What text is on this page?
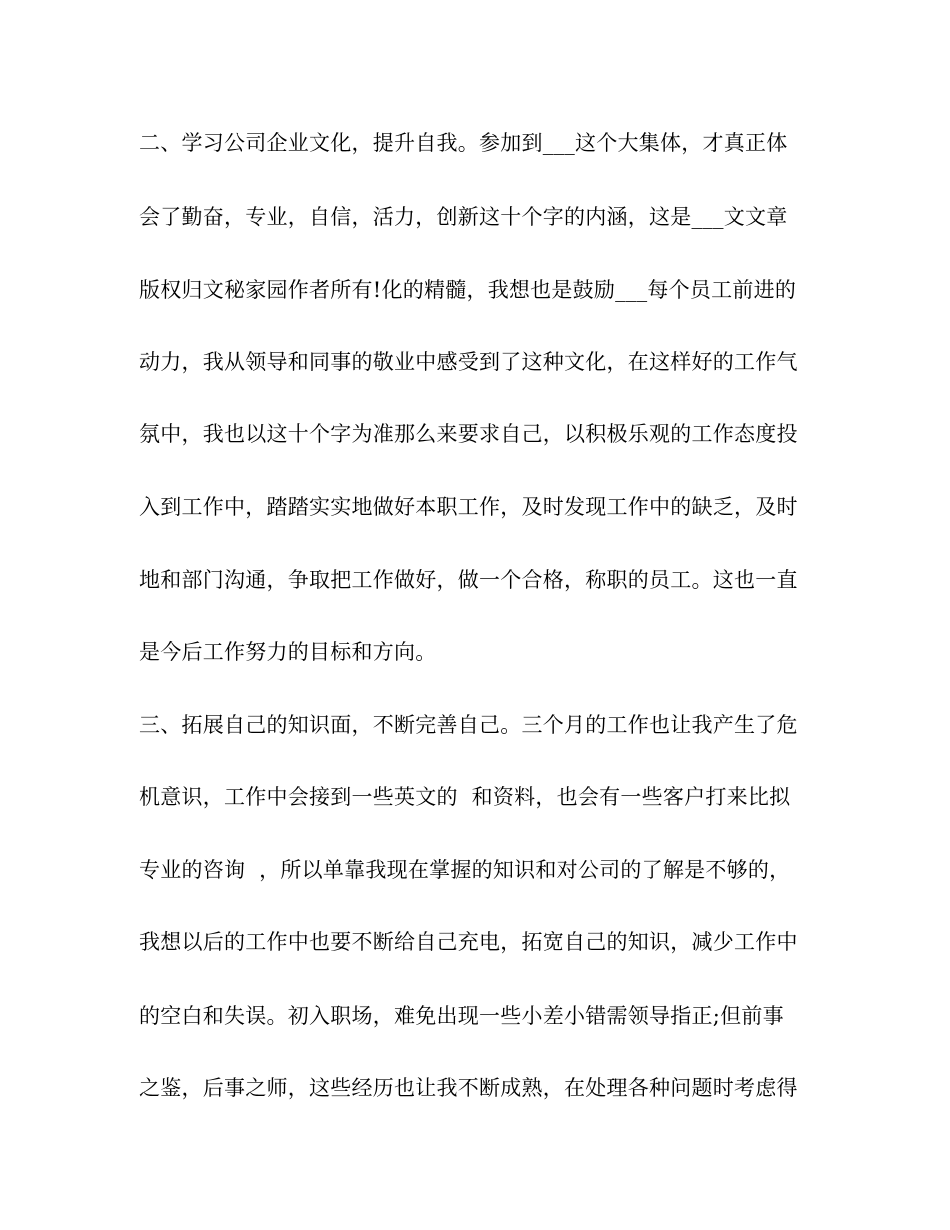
二、学习公司企业文化，提升自我。参加到___这个大集体，才真正体
会了勤奋，专业，自信，活力，创新这十个字的内涵，这是___文文章
版权归文秘家园作者所有!化的精髓，我想也是鼓励___每个员工前进的
动力，我从领导和同事的敬业中感受到了这种文化，在这样好的工作气
氛中，我也以这十个字为准那么来要求自己，以积极乐观的工作态度投
入到工作中，踏踏实实地做好本职工作，及时发现工作中的缺乏，及时
地和部门沟通，争取把工作做好，做一个合格，称职的员工。这也一直
是今后工作努力的目标和方向。
三、拓展自己的知识面，不断完善自己。三个月的工作也让我产生了危
机意识，工作中会接到一些英文的  和资料，也会有一些客户打来比拟
专业的咨询  ，所以单靠我现在掌握的知识和对公司的了解是不够的，
我想以后的工作中也要不断给自己充电，拓宽自己的知识，减少工作中
的空白和失误。初入职场，难免出现一些小差小错需领导指正;但前事
之鉴，后事之师，这些经历也让我不断成熟，在处理各种问题时考虑得
